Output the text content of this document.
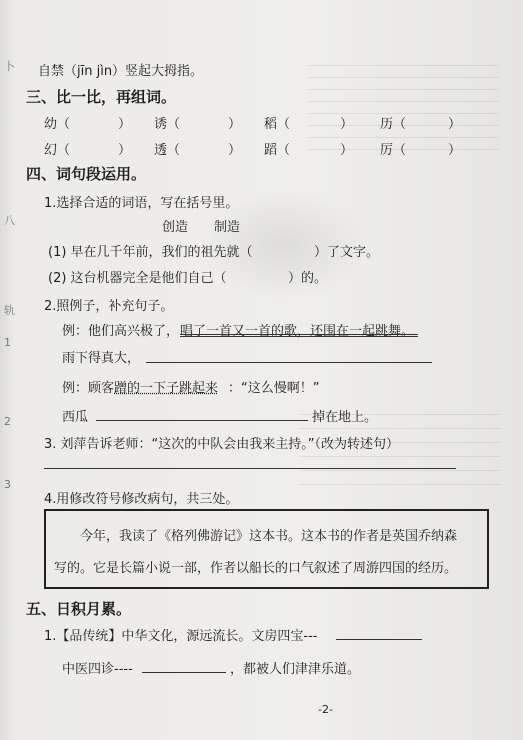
卜
八
轨
1
2
3
自禁（jīn jìn）竖起大拇指。
三、比一比，再组词。
幼（	） 诱（	） 稻（	） 历（	）
幻（	） 透（	） 蹈（	） 厉（	）
四、词句段运用。
1.选择合适的词语，写在括号里。
创造 制造
(1) 早在几千年前，我们的祖先就（	）了文字。
(2) 这台机器完全是他们自己（	）的。
2.照例子，补充句子。
例：他们高兴极了， 唱了一首又一首的歌，还围在一起跳舞。
雨下得真大，
例：顾客 蹭的一下子跳起来 ：“这么慢啊！”
西瓜	掉在地上。
3. 刘萍告诉老师：“这次的中队会由我来主持。”（改为转述句）
4.用修改符号修改病句，共三处。
今年，我读了《格列佛游记》这本书。这本书的作者是英国乔纳森
写的。它是长篇小说一部，作者以船长的口气叙述了周游四国的经历。
五、日积月累。
1.【品传统】中华文化，源远流长。文房四宝---
中医四诊----	，都被人们津津乐道。
-2-
